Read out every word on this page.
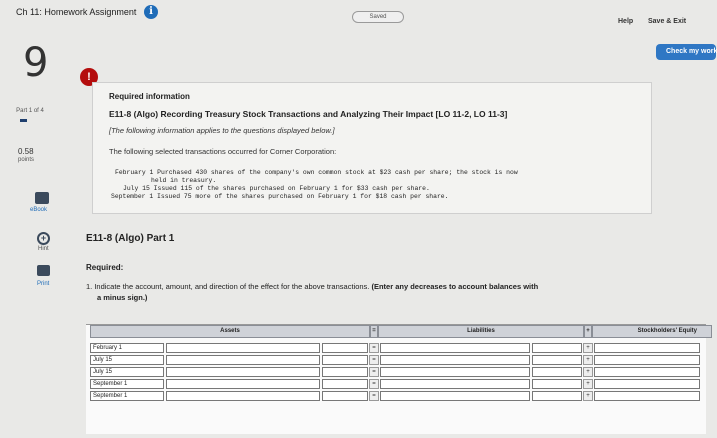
Ch 11: Homework Assignment	i	Saved
Help Save & Exit
Check my work
9	!
Part 1 of 4
0.58
points
eBook
+
Hint
Print
Required information
E11-8 (Algo) Recording Treasury Stock Transactions and Analyzing Their Impact [LO 11-2, LO 11-3]
[The following information applies to the questions displayed below.]
The following selected transactions occurred for Corner Corporation:
February 1 Purchased 430 shares of the company's own common stock at $23 cash per share; the stock is now
held in treasury.
July 15 Issued 115 of the shares purchased on February 1 for $33 cash per share.
September 1 Issued 75 more of the shares purchased on February 1 for $18 cash per share.
E11-8 (Algo) Part 1
Required:
1. Indicate the account, amount, and direction of the effect for the above transactions. (Enter any decreases to account balances with
a minus sign.)
Assets	=	Liabilities	+	Stockholders' Equity
February 1	=	+
July 15	=	+
July 15	=	+
September 1	=	+
September 1	=	+
